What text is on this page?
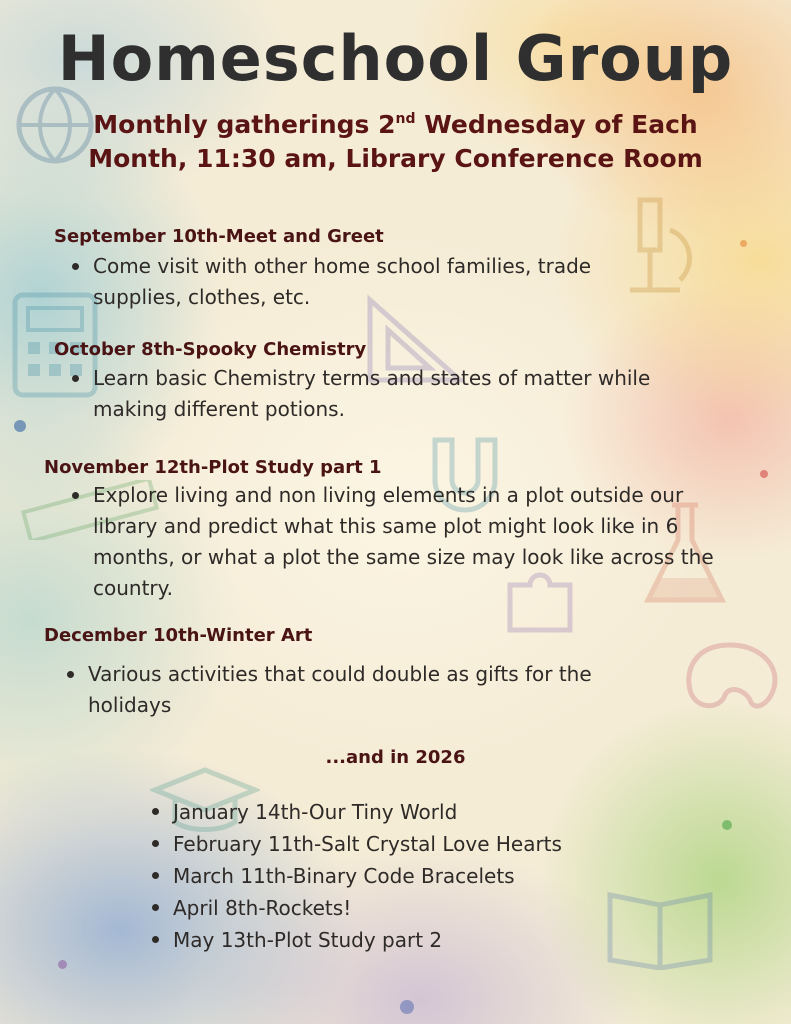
Homeschool Group
Monthly gatherings 2nd Wednesday of Each Month, 11:30 am, Library Conference Room
September 10th-Meet and Greet
Come visit with other home school families, trade supplies, clothes, etc.
October 8th-Spooky Chemistry
Learn basic Chemistry terms and states of matter while making different potions.
November 12th-Plot Study part 1
Explore living and non living elements in a plot outside our library and predict what this same plot might look like in 6 months, or what a plot the same size may look like across the country.
December 10th-Winter Art
Various activities that could double as gifts for the holidays
...and in 2026
January 14th-Our Tiny World
February 11th-Salt Crystal Love Hearts
March 11th-Binary Code Bracelets
April 8th-Rockets!
May 13th-Plot Study part 2
